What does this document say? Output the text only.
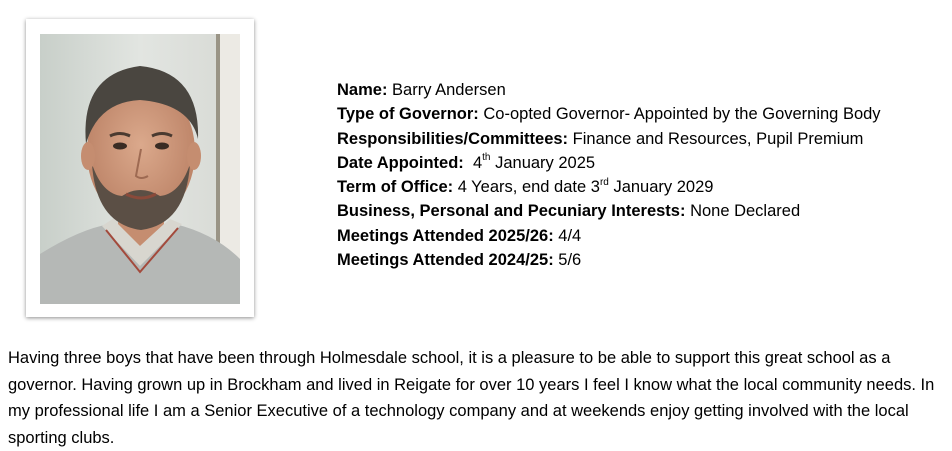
Name: Barry Andersen
Type of Governor: Co-opted Governor- Appointed by the Governing Body
Responsibilities/Committees: Finance and Resources, Pupil Premium
Date Appointed: 4th January 2025
Term of Office: 4 Years, end date 3rd January 2029
Business, Personal and Pecuniary Interests: None Declared
Meetings Attended 2025/26: 4/4
Meetings Attended 2024/25: 5/6
Having three boys that have been through Holmesdale school, it is a pleasure to be able to support this great school as a governor. Having grown up in Brockham and lived in Reigate for over 10 years I feel I know what the local community needs. In my professional life I am a Senior Executive of a technology company and at weekends enjoy getting involved with the local sporting clubs.
